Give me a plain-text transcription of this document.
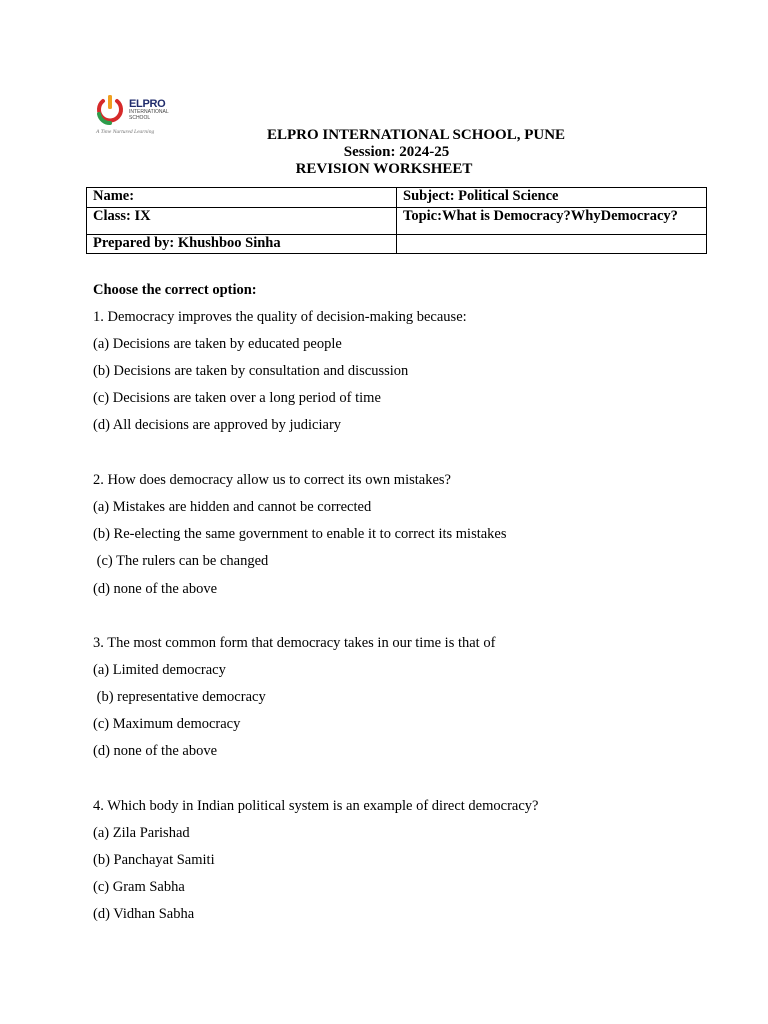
ELPRO
INTERNATIONAL SCHOOL
A Time Nurtured Learning	ELPRO INTERNATIONAL SCHOOL, PUNE
Session: 2024-25
REVISION WORKSHEET
Name:	Subject: Political Science
Class: IX	Topic:What is Democracy?WhyDemocracy?
Prepared by: Khushboo Sinha	
Choose the correct option:
1. Democracy improves the quality of decision-making because:
(a) Decisions are taken by educated people
(b) Decisions are taken by consultation and discussion
(c) Decisions are taken over a long period of time
(d) All decisions are approved by judiciary
2. How does democracy allow us to correct its own mistakes?
(a) Mistakes are hidden and cannot be corrected
(b) Re-electing the same government to enable it to correct its mistakes
(c) The rulers can be changed
(d) none of the above
3. The most common form that democracy takes in our time is that of
(a) Limited democracy
(b) representative democracy
(c) Maximum democracy
(d) none of the above
4. Which body in Indian political system is an example of direct democracy?
(a) Zila Parishad
(b) Panchayat Samiti
(c) Gram Sabha
(d) Vidhan Sabha
